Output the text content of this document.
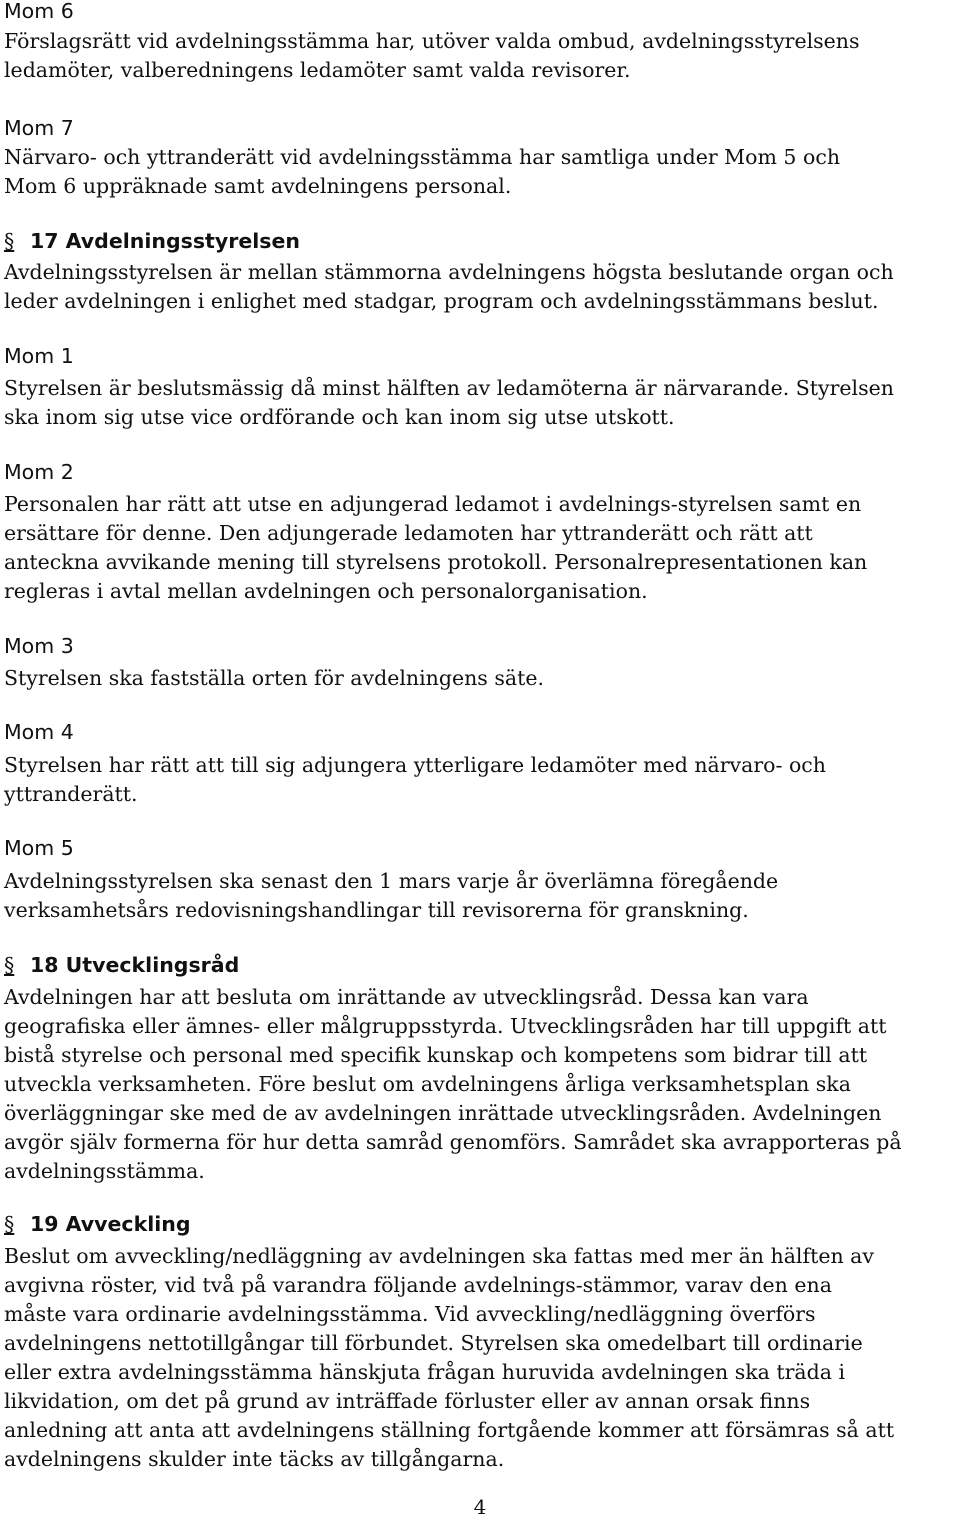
Mom 6
Förslagsrätt vid avdelningsstämma har, utöver valda ombud, avdelningsstyrelsens
ledamöter, valberedningens ledamöter samt valda revisorer.
Mom 7
Närvaro- och yttranderätt vid avdelningsstämma har samtliga under Mom 5 och
Mom 6 uppräknade samt avdelningens personal.
§ 17 Avdelningsstyrelsen
Avdelningsstyrelsen är mellan stämmorna avdelningens högsta beslutande organ och
leder avdelningen i enlighet med stadgar, program och avdelningsstämmans beslut.
Mom 1
Styrelsen är beslutsmässig då minst hälften av ledamöterna är närvarande. Styrelsen
ska inom sig utse vice ordförande och kan inom sig utse utskott.
Mom 2
Personalen har rätt att utse en adjungerad ledamot i avdelnings-styrelsen samt en
ersättare för denne. Den adjungerade ledamoten har yttranderätt och rätt att
anteckna avvikande mening till styrelsens protokoll. Personalrepresentationen kan
regleras i avtal mellan avdelningen och personalorganisation.
Mom 3
Styrelsen ska fastställa orten för avdelningens säte.
Mom 4
Styrelsen har rätt att till sig adjungera ytterligare ledamöter med närvaro- och
yttranderätt.
Mom 5
Avdelningsstyrelsen ska senast den 1 mars varje år överlämna föregående
verksamhetsårs redovisningshandlingar till revisorerna för granskning.
§ 18 Utvecklingsråd
Avdelningen har att besluta om inrättande av utvecklingsråd. Dessa kan vara
geografiska eller ämnes- eller målgruppsstyrda. Utvecklingsråden har till uppgift att
bistå styrelse och personal med specifik kunskap och kompetens som bidrar till att
utveckla verksamheten. Före beslut om avdelningens årliga verksamhetsplan ska
överläggningar ske med de av avdelningen inrättade utvecklingsråden. Avdelningen
avgör själv formerna för hur detta samråd genomförs. Samrådet ska avrapporteras på
avdelningsstämma.
§ 19 Avveckling
Beslut om avveckling/nedläggning av avdelningen ska fattas med mer än hälften av
avgivna röster, vid två på varandra följande avdelnings-stämmor, varav den ena
måste vara ordinarie avdelningsstämma. Vid avveckling/nedläggning överförs
avdelningens nettotillgångar till förbundet. Styrelsen ska omedelbart till ordinarie
eller extra avdelningsstämma hänskjuta frågan huruvida avdelningen ska träda i
likvidation, om det på grund av inträffade förluster eller av annan orsak finns
anledning att anta att avdelningens ställning fortgående kommer att försämras så att
avdelningens skulder inte täcks av tillgångarna.
4
